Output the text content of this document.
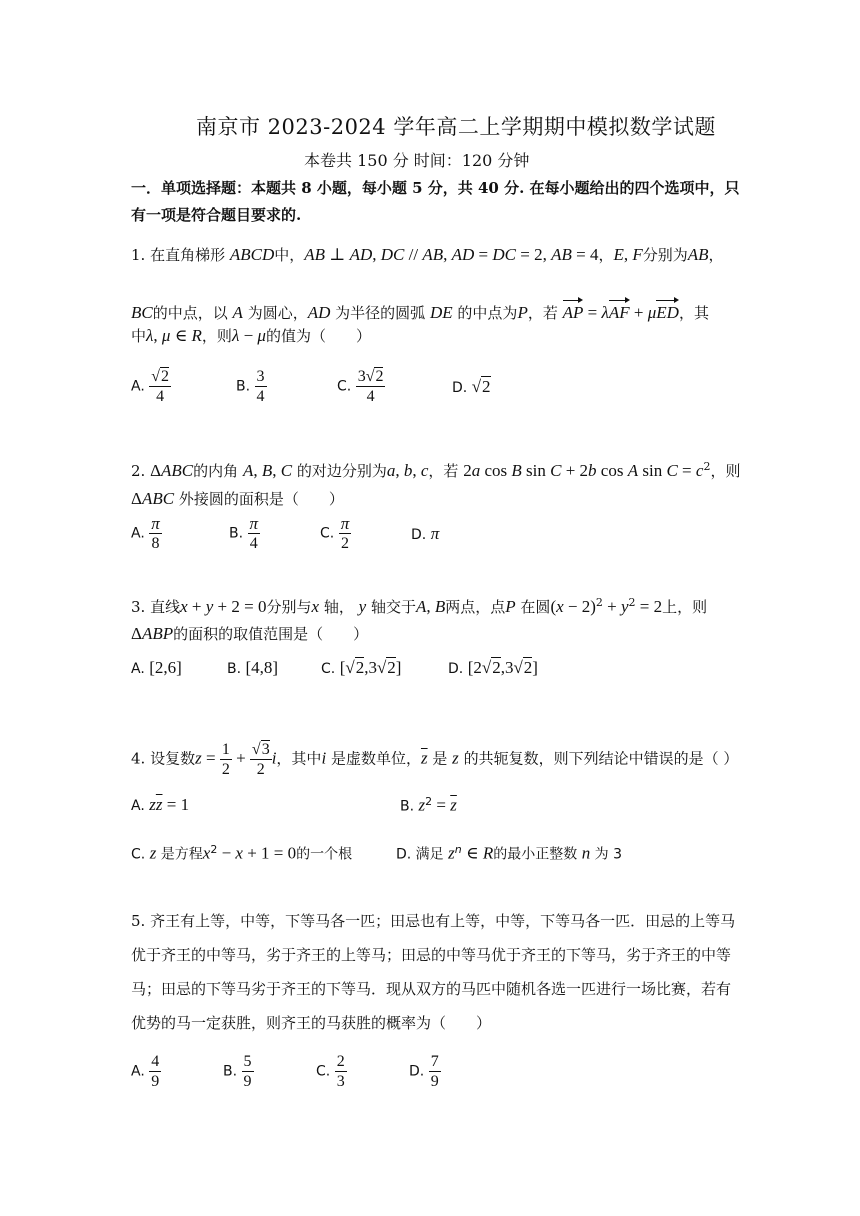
南京市 2023-2024 学年高二上学期期中模拟数学试题
本卷共 150 分 时间：120 分钟
一．单项选择题：本题共 8 小题，每小题 5 分，共 40 分. 在每小题给出的四个选项中，只
有一项是符合题目要求的.
1. 在直角梯形 ABCD中，AB ⊥ AD, DC // AB, AD = DC = 2, AB = 4，E, F分别为AB，
BC的中点，以 A 为圆心，AD 为半径的圆弧 DE 的中点为P，若 AP = λAF + μED，其
中λ, μ ∈ R，则λ − μ的值为（　　）
A. $\frac{√2}{4}$	B. $\frac{3}{4}$	C. $\frac{3√2}{4}$	D. √2
2. ΔABC的内角 A, B, C 的对边分别为a, b, c，若 2a cos B sin C + 2b cos A $\sin C = c^2$，则
ΔABC 外接圆的面积是（　　）
A. $\frac{\pi}{8}$	B. $\frac{\pi}{4}$	C. $\frac{\pi}{2}$	D. π
3. 直线x + y + 2 = 0分别与x 轴， y 轴交于A, B两点，点P 在圆$(x - 2)^2 + y^2 = 2$上，则
ΔABP的面积的取值范围是（　　）
A. [2,6]	B. [4,8]	C. [√2,3√2]	D. [2√2,3√2]
4. 设复数$z = \frac{1}{2} + \frac{√3}{2}$ i，其中i 是虚数单位，$\overline{z}$ 是 z 的共轭复数，则下列结论中错误的是（ ）
A. $z\overline{z} = 1$	B. $z^2 = \overline{z}$
C. z 是方程$x^2 - x + 1 = 0$的一个根	D. 满足 $z^n$ ∈ R的最小正整数 n 为 3
5. 齐王有上等，中等，下等马各一匹；田忌也有上等，中等，下等马各一匹．田忌的上等马
优于齐王的中等马，劣于齐王的上等马；田忌的中等马优于齐王的下等马，劣于齐王的中等
马；田忌的下等马劣于齐王的下等马．现从双方的马匹中随机各选一匹进行一场比赛，若有
优势的马一定获胜，则齐王的马获胜的概率为（　　）
A. $\frac{4}{9}$	B. $\frac{5}{9}$	C. $\frac{2}{3}$	D. $\frac{7}{9}$
